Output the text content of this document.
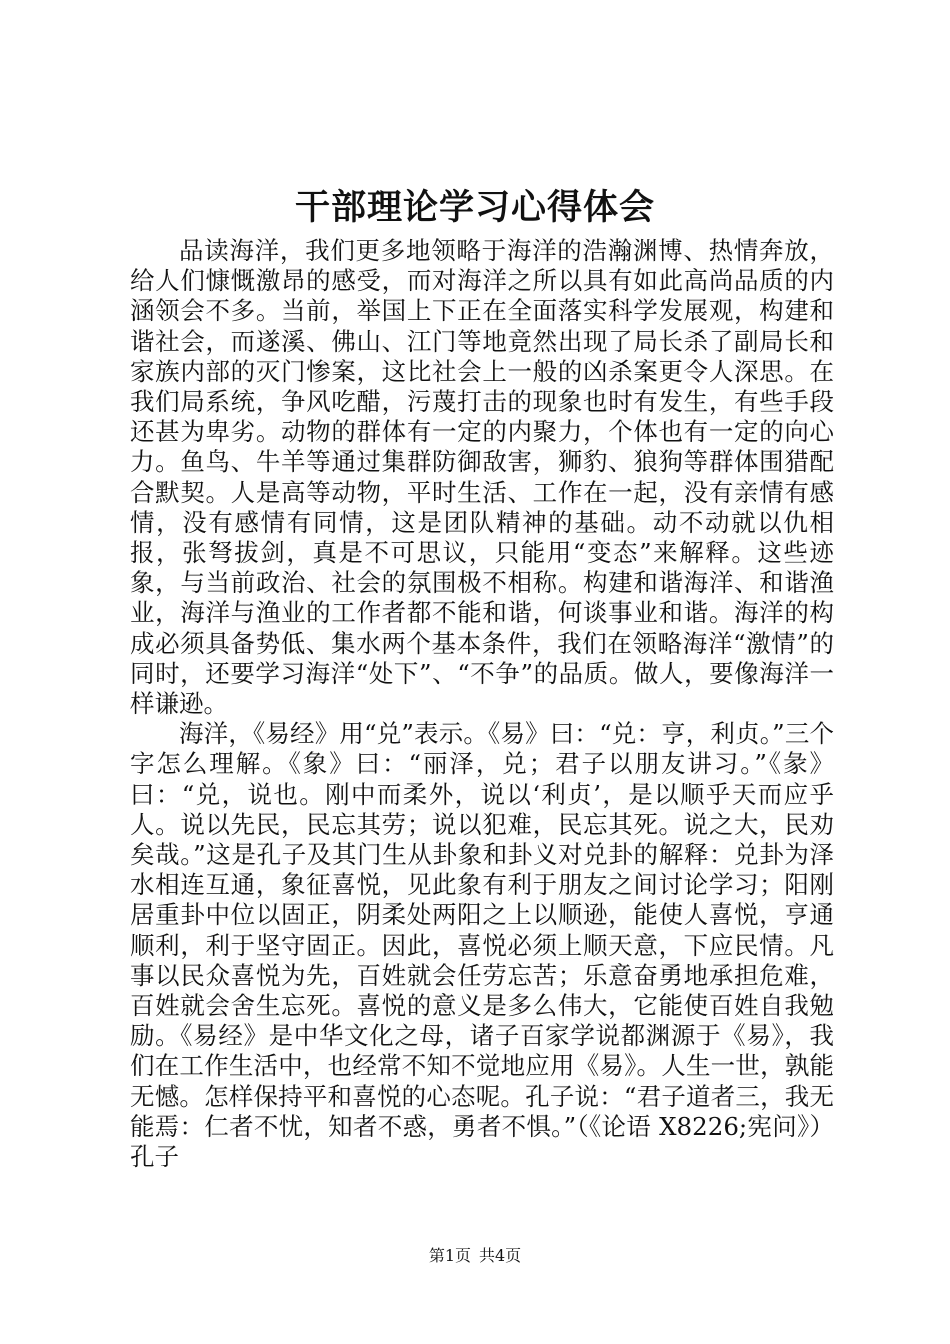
干部理论学习心得体会

品读海洋，我们更多地领略于海洋的浩瀚渊博、热情奔放，给人们慷慨激昂的感受，而对海洋之所以具有如此高尚品质的内涵领会不多。当前，举国上下正在全面落实科学发展观，构建和谐社会，而遂溪、佛山、江门等地竟然出现了局长杀了副局长和家族内部的灭门惨案，这比社会上一般的凶杀案更令人深思。在我们局系统，争风吃醋，污蔑打击的现象也时有发生，有些手段还甚为卑劣。动物的群体有一定的内聚力，个体也有一定的向心力。鱼鸟、牛羊等通过集群防御敌害，狮豹、狼狗等群体围猎配合默契。人是高等动物，平时生活、工作在一起，没有亲情有感情，没有感情有同情，这是团队精神的基础。动不动就以仇相报，张弩拔剑，真是不可思议，只能用“变态”来解释。这些迹象，与当前政治、社会的氛围极不相称。构建和谐海洋、和谐渔业，海洋与渔业的工作者都不能和谐，何谈事业和谐。海洋的构成必须具备势低、集水两个基本条件，我们在领略海洋“激情”的同时，还要学习海洋“处下”、“不争”的品质。做人，要像海洋一样谦逊。

海洋，《易经》用“兑”表示。《易》曰：“兑：亨，利贞。”三个字怎么理解。《象》曰：“丽泽，兑；君子以朋友讲习。”《彖》曰：“兑，说也。刚中而柔外，说以‘利贞’，是以顺乎天而应乎人。说以先民，民忘其劳；说以犯难，民忘其死。说之大，民劝矣哉。”这是孔子及其门生从卦象和卦义对兑卦的解释：兑卦为泽水相连互通，象征喜悦，见此象有利于朋友之间讨论学习；阳刚居重卦中位以固正，阴柔处两阳之上以顺逊，能使人喜悦，亨通顺利，利于坚守固正。因此，喜悦必须上顺天意，下应民情。凡事以民众喜悦为先，百姓就会任劳忘苦；乐意奋勇地承担危难，百姓就会舍生忘死。喜悦的意义是多么伟大，它能使百姓自我勉励。《易经》是中华文化之母，诸子百家学说都渊源于《易》，我们在工作生活中，也经常不知不觉地应用《易》。人生一世，孰能无憾。怎样保持平和喜悦的心态呢。孔子说：“君子道者三，我无能焉：仁者不忧，知者不惑，勇者不惧。”（《论语 X8226;宪问》）孔子

第1页 共4页
